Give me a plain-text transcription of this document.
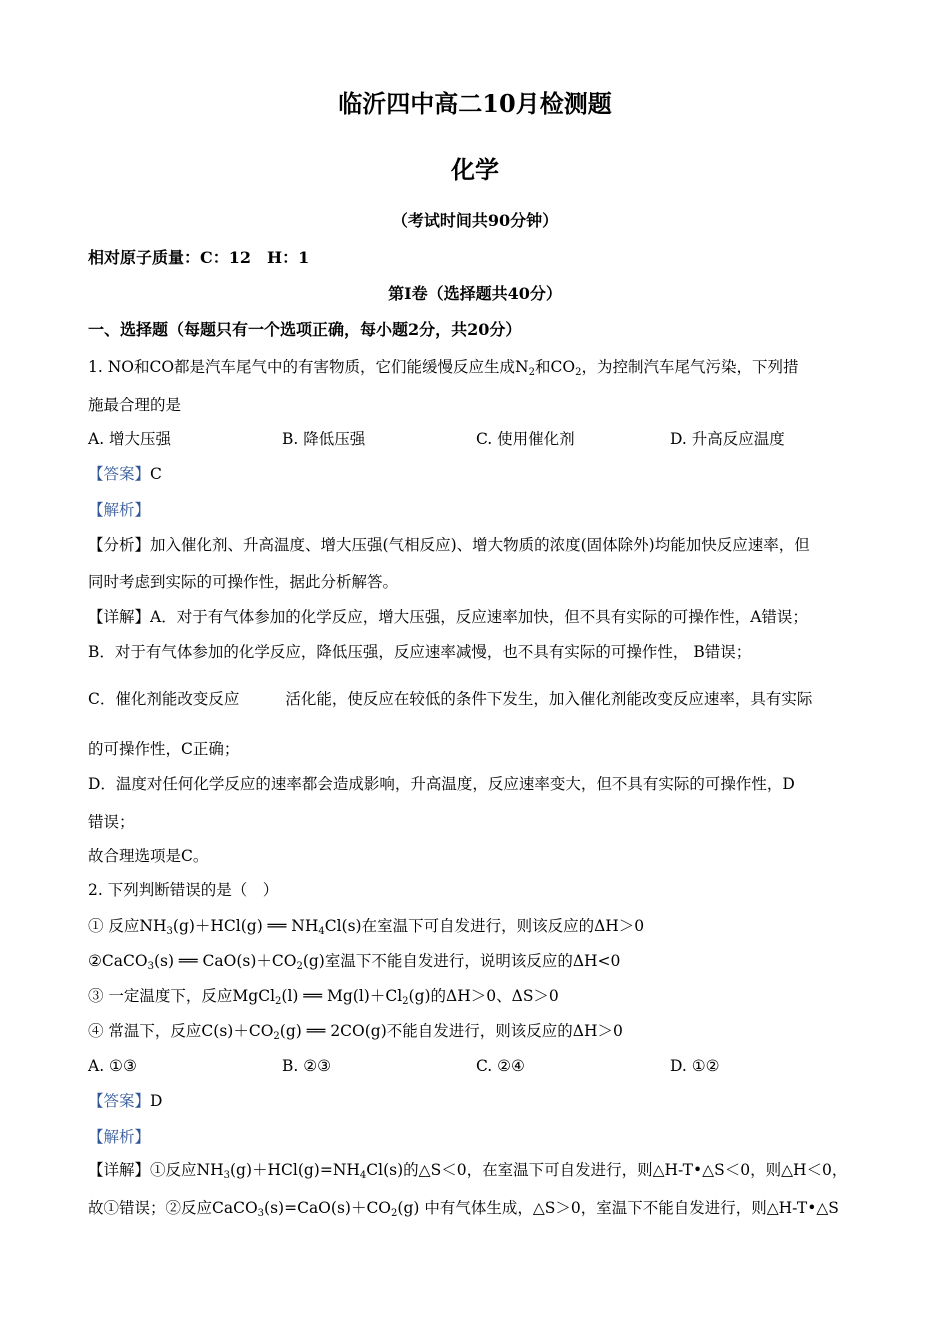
临沂四中高二10月检测题
化学
（考试时间共90分钟）
相对原子质量：C：12　H：1
第I卷（选择题共40分）
一、选择题（每题只有一个选项正确，每小题2分，共20分）
1. NO和CO都是汽车尾气中的有害物质，它们能缓慢反应生成$N_2$和$CO_2$，为控制汽车尾气污染，下列措
施最合理的是
A. 增大压强	B. 降低压强	C. 使用催化剂	D. 升高反应温度
【答案】C
【解析】
【分析】加入催化剂、升高温度、增大压强(气相反应)、增大物质的浓度(固体除外)均能加快反应速率，但
同时考虑到实际的可操作性，据此分析解答。
【详解】A．对于有气体参加的化学反应，增大压强，反应速率加快，但不具有实际的可操作性，A错误；
B．对于有气体参加的化学反应，降低压强，反应速率减慢，也不具有实际的可操作性， B错误；
C．催化剂能改变反应	活化能，使反应在较低的条件下发生，加入催化剂能改变反应速率，具有实际
的可操作性，C正确；
D．温度对任何化学反应的速率都会造成影响，升高温度，反应速率变大，但不具有实际的可操作性，D
错误；
故合理选项是C。
2. 下列判断错误的是（　）
① 反应$NH_3(g)+HCl(g)$ ══ $NH_4Cl(s)$在室温下可自发进行，则该反应的ΔH＞0
②CaCO$_3$(s) ══ $CaO(s)+CO_2(g)$室温下不能自发进行，说明该反应的ΔH<0
③ 一定温度下，反应MgCl$_2$(l) ══ $Mg(l)+Cl_2(g)$的ΔH＞0、ΔS＞0
④ 常温下，反应$C(s)+CO_2(g)$ ══ 2CO(g)不能自发进行，则该反应的ΔH＞0
A. ①③	B. ②③	C. ②④	D. ①②
【答案】D
【解析】
【详解】①反应$NH_3(g)+HCl(g)=NH_4Cl(s)$的△S＜0，在室温下可自发进行，则△H-T•△S＜0，则△H＜0，
故①错误；②反应$CaCO_3(s)=CaO(s)+CO_2(g)$ 中有气体生成，△S＞0，室温下不能自发进行，则△H-T•△S
